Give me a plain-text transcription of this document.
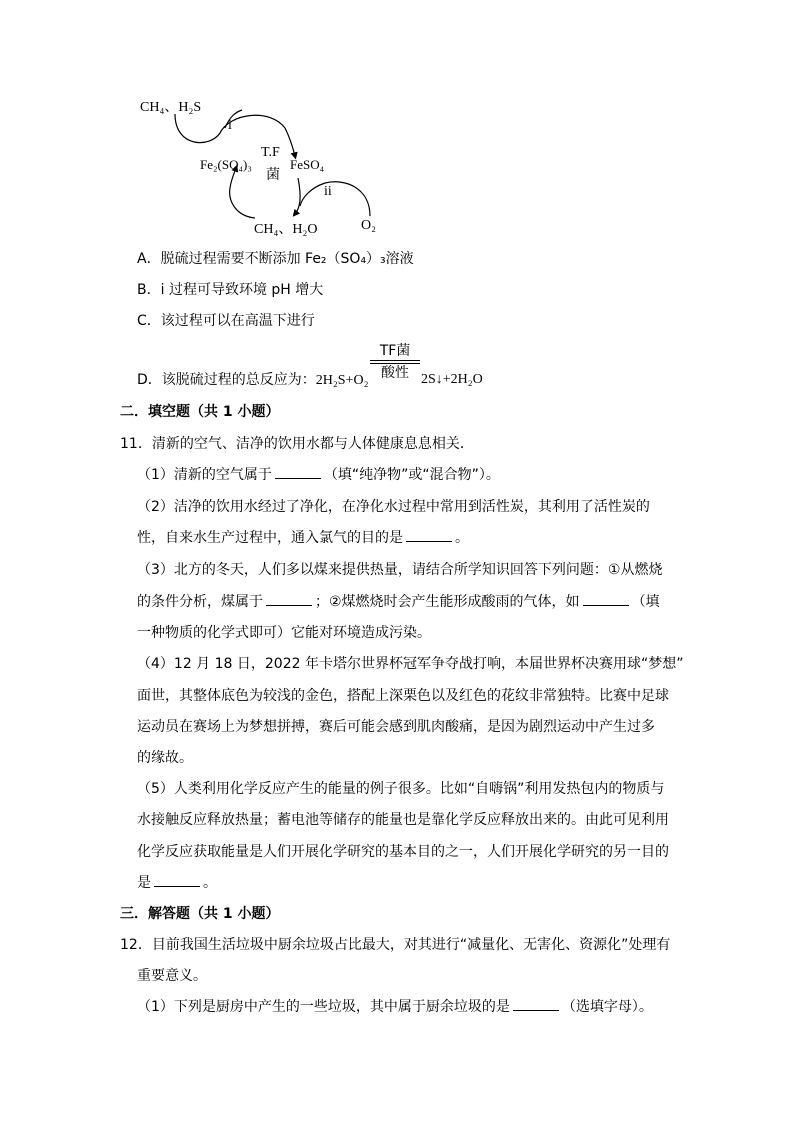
CH₄、H₂S
i
Fe₂(SO₄)₃
T.F
菌
FeSO₄
ii
CH₄、H₂O	O₂
A．脱硫过程需要不断添加 Fe₂（SO₄）₃溶液
B．i 过程可导致环境 pH 增大
C．该过程可以在高温下进行
TF菌
酸性
D．该脱硫过程的总反应为：2H₂S+O₂	2S↓+2H₂O
二．填空题（共 1 小题）
11．清新的空气、洁净的饮用水都与人体健康息息相关．
（1）清新的空气属于	（填“纯净物”或“混合物”）。
（2）洁净的饮用水经过了净化，在净化水过程中常用到活性炭，其利用了活性炭的
性，自来水生产过程中，通入氯气的目的是	。
（3）北方的冬天，人们多以煤来提供热量，请结合所学知识回答下列问题：①从燃烧
的条件分析，煤属于	；②煤燃烧时会产生能形成酸雨的气体，如	（填
一种物质的化学式即可）它能对环境造成污染。
（4）12 月 18 日，2022 年卡塔尔世界杯冠军争夺战打响，本届世界杯决赛用球“梦想”
面世，其整体底色为较浅的金色，搭配上深栗色以及红色的花纹非常独特。比赛中足球
运动员在赛场上为梦想拼搏，赛后可能会感到肌肉酸痛，是因为剧烈运动中产生过多
的缘故。
（5）人类利用化学反应产生的能量的例子很多。比如“自嗨锅”利用发热包内的物质与
水接触反应释放热量；蓄电池等储存的能量也是靠化学反应释放出来的。由此可见利用
化学反应获取能量是人们开展化学研究的基本目的之一，人们开展化学研究的另一目的
是	。
三．解答题（共 1 小题）
12．目前我国生活垃圾中厨余垃圾占比最大，对其进行“减量化、无害化、资源化”处理有
重要意义。
（1）下列是厨房中产生的一些垃圾，其中属于厨余垃圾的是	（选填字母）。
